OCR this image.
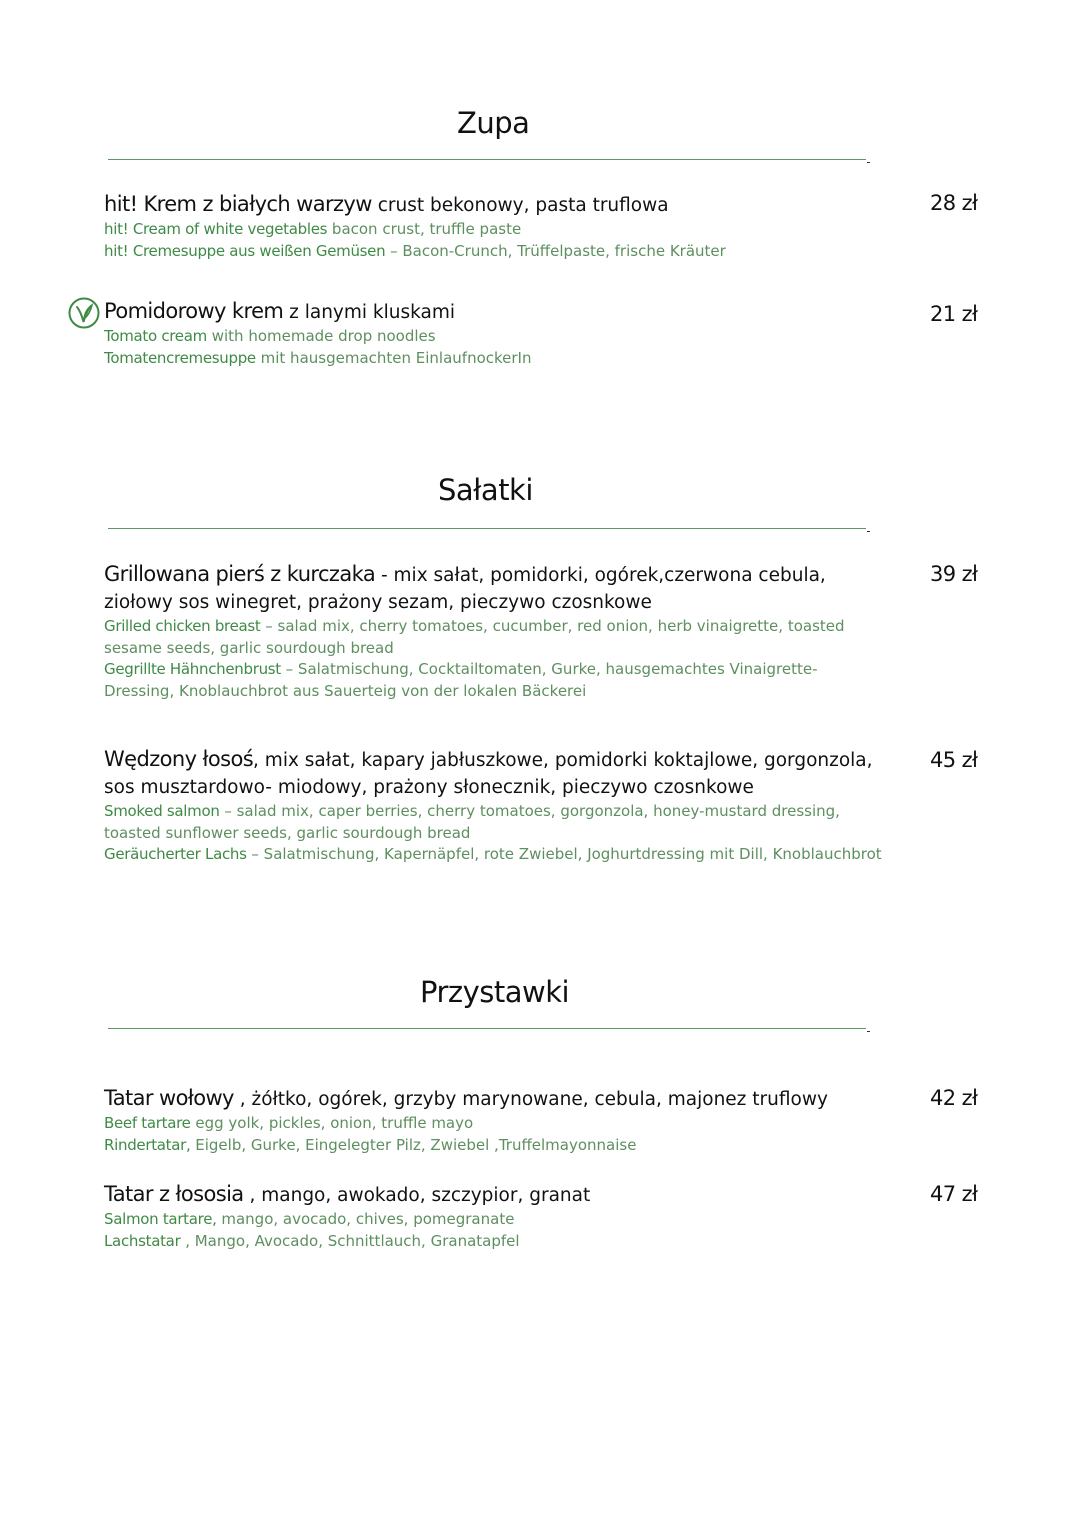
Zupa
hit! Krem z białych warzyw crust bekonowy, pasta truflowa
hit! Cream of white vegetables bacon crust, truffle paste
hit! Cremesuppe aus weißen Gemüsen – Bacon-Crunch, Trüffelpaste, frische Kräuter
28 zł
Pomidorowy krem z lanymi kluskami
Tomato cream with homemade drop noodles
Tomatencremesuppe mit hausgemachten EinlaufnockerIn
21 zł
Sałatki
Grillowana pierś z kurczaka - mix sałat, pomidorki, ogórek,czerwona cebula, ziołowy sos winegret, prażony sezam, pieczywo czosnkowe
Grilled chicken breast – salad mix, cherry tomatoes, cucumber, red onion, herb vinaigrette, toasted sesame seeds, garlic sourdough bread
Gegrillte Hähnchenbrust – Salatmischung, Cocktailtomaten, Gurke, hausgemachtes Vinaigrette-Dressing, Knoblauchbrot aus Sauerteig von der lokalen Bäckerei
39 zł
Wędzony łosoś, mix sałat, kapary jabłuszkowe, pomidorki koktajlowe, gorgonzola, sos musztardowo- miodowy, prażony słonecznik, pieczywo czosnkowe
Smoked salmon – salad mix, caper berries, cherry tomatoes, gorgonzola, honey-mustard dressing, toasted sunflower seeds, garlic sourdough bread
Geräucherter Lachs – Salatmischung, Kapernäpfel, rote Zwiebel, Joghurtdressing mit Dill, Knoblauchbrot
45 zł
Przystawki
Tatar wołowy , żółtko, ogórek, grzyby marynowane, cebula, majonez truflowy
Beef tartare egg yolk, pickles, onion, truffle mayo
Rindertatar, Eigelb, Gurke, Eingelegter Pilz, Zwiebel ,Truffelmayonnaise
42 zł
Tatar z łososia , mango, awokado, szczypior, granat
Salmon tartare, mango, avocado, chives, pomegranate
Lachstatar , Mango, Avocado, Schnittlauch, Granatapfel
47 zł
